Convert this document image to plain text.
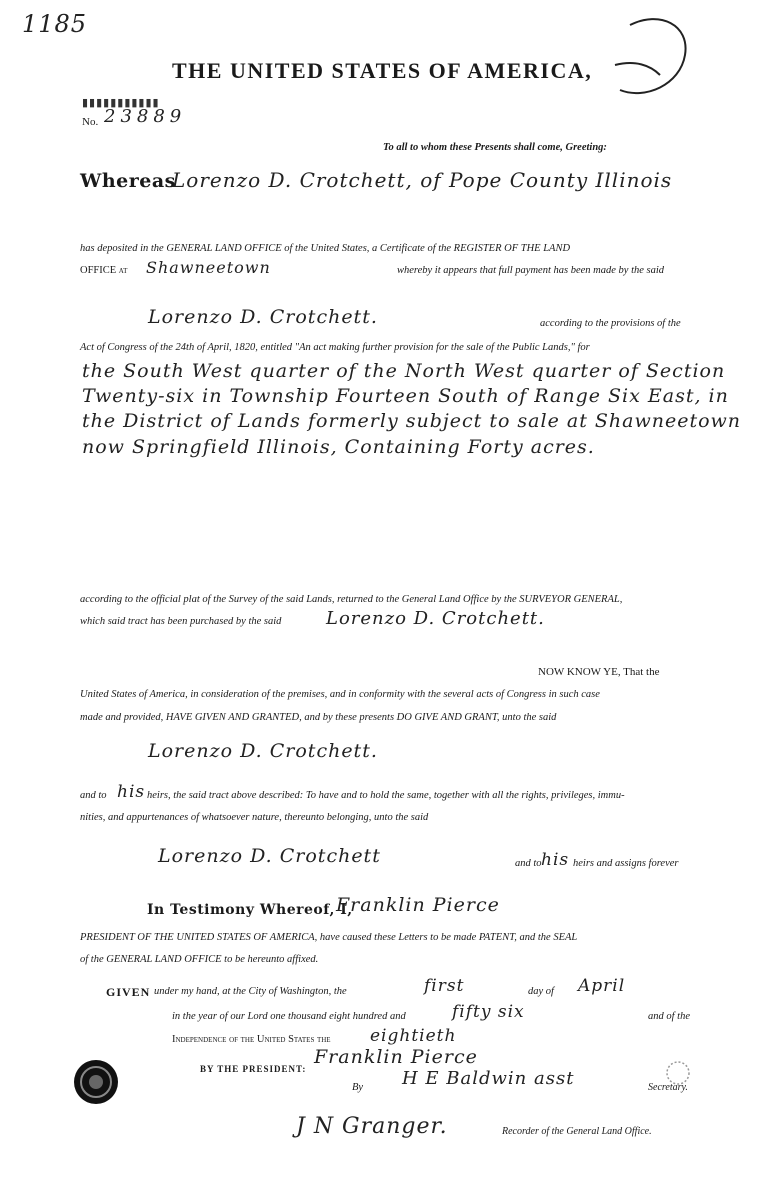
1185
THE UNITED STATES OF AMERICA,
▮▮▮▮▮▮▮▮▮▮▮
No. 23889
To all to whom these Presents shall come, Greeting:
Whereas
Lorenzo D. Crotchett, of Pope County Illinois
has deposited in the GENERAL LAND OFFICE of the United States, a Certificate of the REGISTER OF THE LAND
OFFICE at Shawneetown	whereby it appears that full payment has been made by the said
Lorenzo D. Crotchett.	according to the provisions of the
Act of Congress of the 24th of April, 1820, entitled "An act making further provision for the sale of the Public Lands," for
the South West quarter of the North West quarter of Section
Twenty-six in Township Fourteen South of Range Six East, in
the District of Lands formerly subject to sale at Shawneetown
now Springfield Illinois, Containing Forty acres.
according to the official plat of the Survey of the said Lands, returned to the General Land Office by the SURVEYOR GENERAL,
which said tract has been purchased by the said Lorenzo D. Crotchett.
NOW KNOW YE, That the
United States of America, in consideration of the premises, and in conformity with the several acts of Congress in such case
made and provided, HAVE GIVEN AND GRANTED, and by these presents DO GIVE AND GRANT, unto the said
Lorenzo D. Crotchett.
and to his heirs, the said tract above described: To have and to hold the same, together with all the rights, privileges, immu-
nities, and appurtenances of whatsoever nature, thereunto belonging, unto the said
Lorenzo D. Crotchett	and to his heirs and assigns forever
In Testimony Whereof, I,
Franklin Pierce
PRESIDENT OF THE UNITED STATES OF AMERICA, have caused these Letters to be made PATENT, and the SEAL
of the GENERAL LAND OFFICE to be hereunto affixed.
GIVEN under my hand, at the City of Washington, the	first	day of April
in the year of our Lord one thousand eight hundred and	fifty six	and of the
Independence of the United States the eightieth
BY THE PRESIDENT:
Franklin Pierce
By H E Baldwin asst	Secretary.
J N Granger.	Recorder of the General Land Office.
